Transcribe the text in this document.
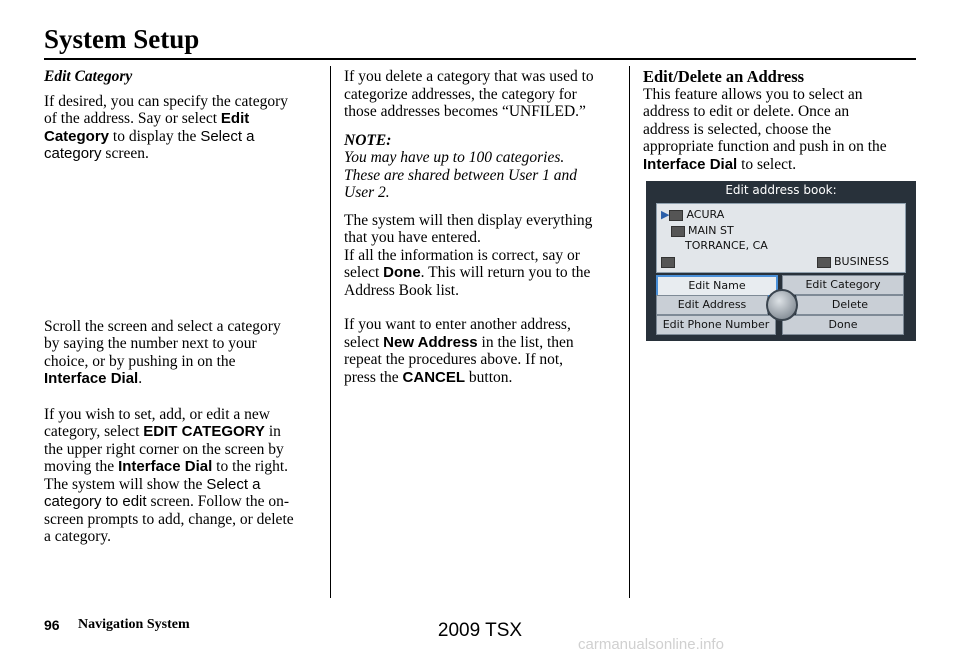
System Setup

Edit Category

If desired, you can specify the category
of the address. Say or select Edit
Category to display the Select a
category screen.

Scroll the screen and select a category
by saying the number next to your
choice, or by pushing in on the
Interface Dial.

If you wish to set, add, or edit a new
category, select EDIT CATEGORY in
the upper right corner on the screen by
moving the Interface Dial to the right.
The system will show the Select a
category to edit screen. Follow the on-
screen prompts to add, change, or delete
a category.

If you delete a category that was used to
categorize addresses, the category for
those addresses becomes “UNFILED.”

NOTE:

You may have up to 100 categories.
These are shared between User 1 and
User 2.

The system will then display everything
that you have entered.
If all the information is correct, say or
select Done. This will return you to the
Address Book list.

If you want to enter another address,
select New Address in the list, then
repeat the procedures above. If not,
press the CANCEL button.

Edit/Delete an Address

This feature allows you to select an
address to edit or delete. Once an
address is selected, choose the
appropriate function and push in on the
Interface Dial to select.

Edit address book:
▶ ACURA
MAIN ST
TORRANCE, CA
BUSINESS
Edit Name	Edit Category
Edit Address	Delete
Edit Phone Number	Done
96 Navigation System	2009 TSX
carmanualsonline.info
